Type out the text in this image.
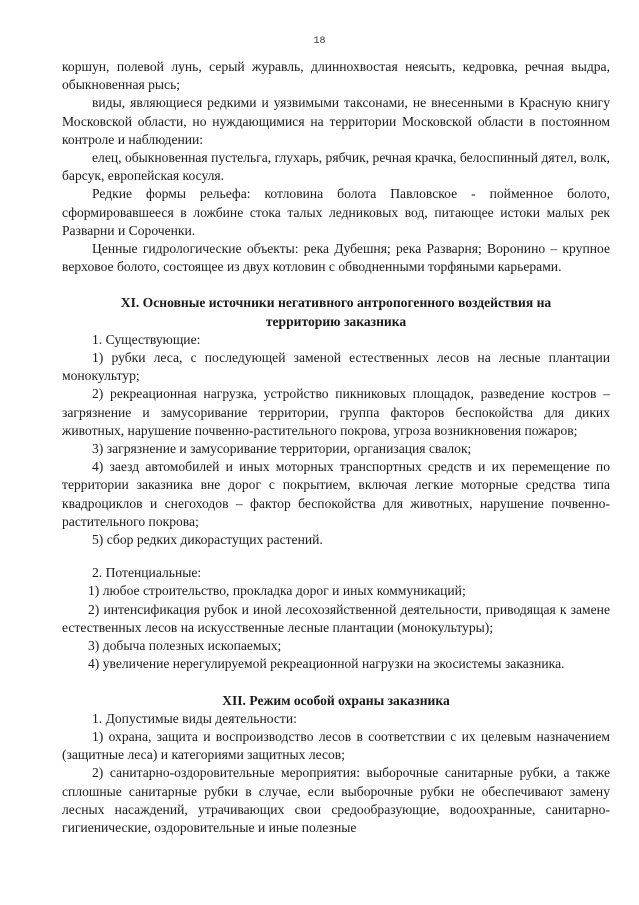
18

коршун, полевой лунь, серый журавль, длиннохвостая неясыть, кедровка, речная выдра, обыкновенная рысь;

виды, являющиеся редкими и уязвимыми таксонами, не внесенными в Красную книгу Московской области, но нуждающимися на территории Московской области в постоянном контроле и наблюдении:

елец, обыкновенная пустельга, глухарь, рябчик, речная крачка, белоспинный дятел, волк, барсук, европейская косуля.

Редкие формы рельефа: котловина болота Павловское - пойменное болото, сформировавшееся в ложбине стока талых ледниковых вод, питающее истоки малых рек Разварни и Сороченки.

Ценные гидрологические объекты: река Дубешня; река Разварня; Воронино – крупное верховое болото, состоящее из двух котловин с обводненными торфяными карьерами.

XI. Основные источники негативного антропогенного воздействия на
территорию заказника

1. Существующие:

1) рубки леса, с последующей заменой естественных лесов на лесные плантации монокультур;

2) рекреационная нагрузка, устройство пикниковых площадок, разведение костров – загрязнение и замусоривание территории, группа факторов беспокойства для диких животных, нарушение почвенно-растительного покрова, угроза возникновения пожаров;

3) загрязнение и замусоривание территории, организация свалок;

4) заезд автомобилей и иных моторных транспортных средств и их перемещение по территории заказника вне дорог с покрытием, включая легкие моторные средства типа квадроциклов и снегоходов – фактор беспокойства для животных, нарушение почвенно-растительного покрова;

5) сбор редких дикорастущих растений.

2. Потенциальные:

1) любое строительство, прокладка дорог и иных коммуникаций;

2) интенсификация рубок и иной лесохозяйственной деятельности, приводящая к замене естественных лесов на искусственные лесные плантации (монокультуры);

3) добыча полезных ископаемых;

4) увеличение нерегулируемой рекреационной нагрузки на экосистемы заказника.

XII. Режим особой охраны заказника

1. Допустимые виды деятельности:

1) охрана, защита и воспроизводство лесов в соответствии с их целевым назначением (защитные леса) и категориями защитных лесов;

2) санитарно-оздоровительные мероприятия: выборочные санитарные рубки, а также сплошные санитарные рубки в случае, если выборочные рубки не обеспечивают замену лесных насаждений, утрачивающих свои средообразующие, водоохранные, санитарно-гигиенические, оздоровительные и иные полезные
